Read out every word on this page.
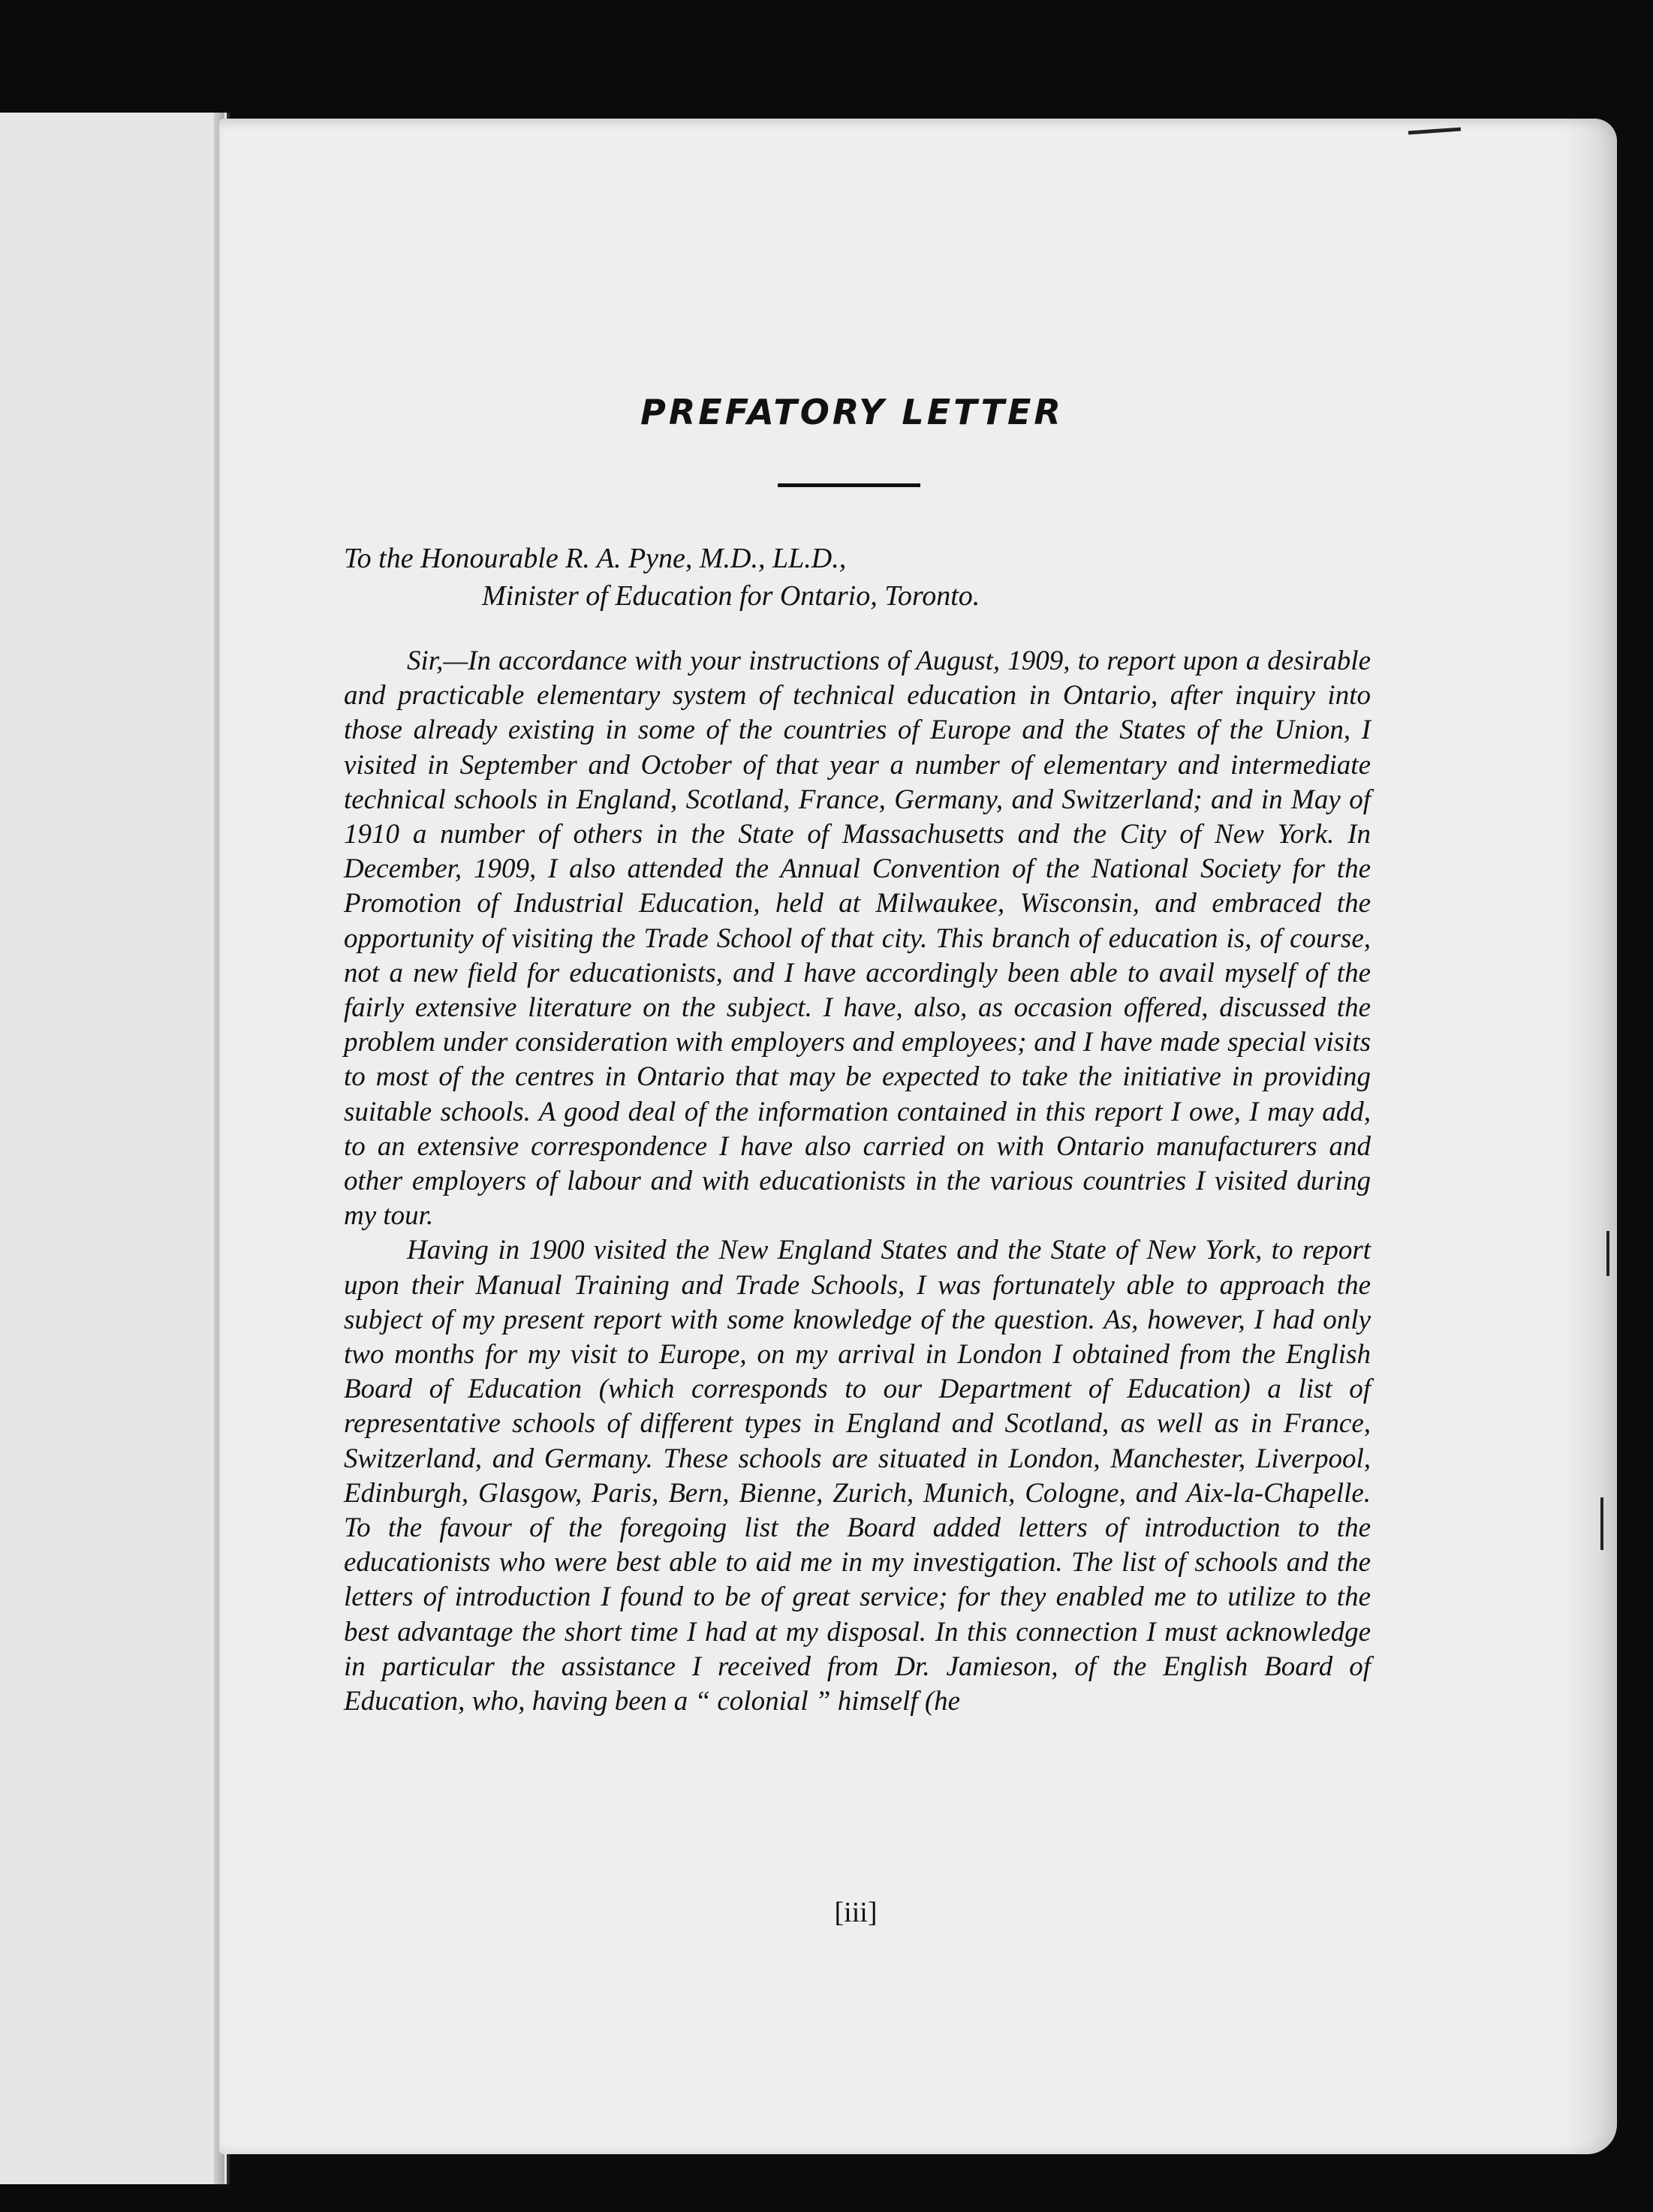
PREFATORY LETTER
To the Honourable R. A. Pyne, M.D., LL.D.,
Minister of Education for Ontario, Toronto.

Sir,—In accordance with your instructions of August, 1909, to report upon a desirable and practicable elementary system of technical education in Ontario, after inquiry into those already existing in some of the countries of Europe and the States of the Union, I visited in September and October of that year a number of elementary and intermediate technical schools in England, Scotland, France, Germany, and Switzerland; and in May of 1910 a number of others in the State of Massachusetts and the City of New York. In December, 1909, I also attended the Annual Convention of the National Society for the Promotion of Industrial Education, held at Milwaukee, Wisconsin, and embraced the opportunity of visiting the Trade School of that city. This branch of education is, of course, not a new field for educationists, and I have accordingly been able to avail myself of the fairly extensive literature on the subject. I have, also, as occasion offered, discussed the problem under consideration with employers and employees; and I have made special visits to most of the centres in Ontario that may be expected to take the initiative in providing suitable schools. A good deal of the information contained in this report I owe, I may add, to an extensive correspondence I have also carried on with Ontario manufacturers and other employers of labour and with educationists in the various countries I visited during my tour.

Having in 1900 visited the New England States and the State of New York, to report upon their Manual Training and Trade Schools, I was fortunately able to approach the subject of my present report with some knowledge of the question. As, however, I had only two months for my visit to Europe, on my arrival in London I obtained from the English Board of Education (which corresponds to our Department of Education) a list of representative schools of different types in England and Scotland, as well as in France, Switzerland, and Germany. These schools are situated in London, Manchester, Liverpool, Edinburgh, Glasgow, Paris, Bern, Bienne, Zurich, Munich, Cologne, and Aix-la-Chapelle. To the favour of the foregoing list the Board added letters of introduction to the educationists who were best able to aid me in my investigation. The list of schools and the letters of introduction I found to be of great service; for they enabled me to utilize to the best advantage the short time I had at my disposal. In this connection I must acknowledge in particular the assistance I received from Dr. Jamieson, of the English Board of Education, who, having been a “ colonial ” himself (he

[iii]
